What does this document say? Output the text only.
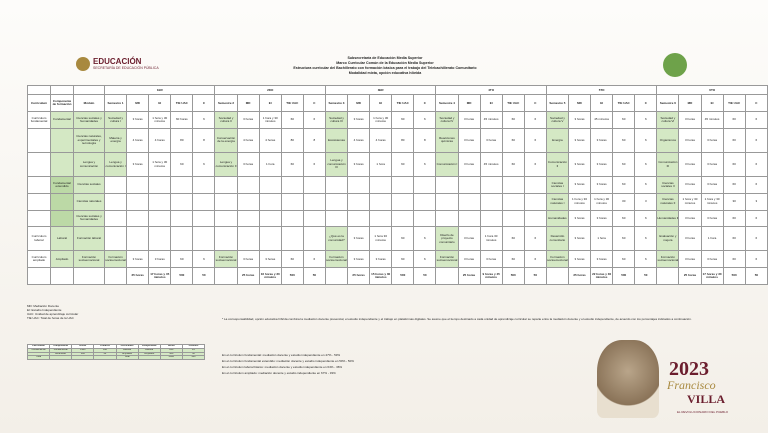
EDUCACIÓN
SECRETARÍA DE EDUCACIÓN PÚBLICA
Subsecretaría de Educación Media Superior
Marco Curricular Común de la Educación Media Superior
Estructura curricular del Bachillerato con formación básica para el trabajo del Telebachillerato Comunitario
Modalidad mixta, opción educativa híbrida
			1ER					2DO					3ER					4TO					5TO					6TO				
Currículum	Componente de formación	Módulo	Semestre 1	MD	EI	TIE UAC	C	Semestre 2	MD	EI	TIE UAC	C	Semestre 3	MD	EI	TIE UAC	C	Semestre 4	MD	EI	TIE UAC	C	Semestre 5	MD	EI	TIE UAC	C	Semestre 6	MD	EI	TIE UAC	C
Currículum fundamental	Fundamental	Ciencias sociales y humanidades	Sociedad y cultura I	3 horas	1 hora y 30 minutos	60 horas	6	Sociedad y cultura II	3 horas	1 hora y 30 minutos	60	6	Sociedad y cultura III	3 horas	1 hora y 30 minutos	60	6	Sociedad y cultura IV	3 horas	45 minutos	60	6	Sociedad y cultura V	3 horas	45 minutos	60	6	Sociedad y cultura VI	3 horas	45 minutos	60	6
		Ciencias naturales, experimentales y tecnología	Materia y energía	4 horas	4 horas	80	8	Conservación de la energía	4 horas	4 horas	80	8	Ecosistemas	4 horas	4 horas	80	8	Reacciones químicas	3 horas	3 horas	60	6	Energía	3 horas	3 horas	60	6	Organismos	3 horas	3 horas	60	6
		Lengua y comunicación	Lengua y comunicación I	3 horas	1 hora y 30 minutos	60	6	Lengua y comunicación II	3 horas	1 hora	60	6	Lengua y comunicación III	3 horas	1 hora	60	6	Comunicación I	3 horas	45 minutos	60	6	Comunicación II	3 horas	3 horas	60	6	Comunicación III	3 horas	3 horas	60	6
	Fundamental extendido	Ciencias sociales																					Ciencias sociales I	3 horas	3 horas	60	6	Ciencias sociales II	3 horas	3 horas	60	6
		Ciencias naturales																					Ciencias naturales I	1 hora y 30 minutos	1 hora y 30 minutos	30	3	Ciencias naturales II	1 hora y 30 minutos	1 hora y 30 minutos	30	3
		Ciencias sociales y humanidades																					Humanidades	3 horas	3 horas	60	6	Humanidades II	3 horas	3 horas	60	6
Currículum laboral	Laboral	Formación laboral											¿Qué es la comunidad?	3 horas	1 hora 30 minutos	60	6	Diseño de proyecto comunitario	3 horas	1 hora 30 minutos	60	6	Desarrollo comunitario	3 horas	1 hora	60	6	Evaluación y mejora	3 horas	1 hora	60	6
Currículum ampliado	Ampliado	Formación socioemocional	Formación socioemocional	3 horas	3 horas	60	6	Formación socioemocional	3 horas	3 horas	60	6	Formación socioemocional	3 horas	3 horas	60	6	Formación socioemocional	3 horas	3 horas	60	6	Formación socioemocional	3 horas	3 horas	60	6	Formación socioemocional	3 horas	3 horas	60	6
				25 horas	17 horas y 45 minutos	500	50		25 horas	16 horas y 30 minutos	500	50		25 horas	15 horas y 30 minutos	500	50		25 horas	9 horas y 45 minutos	500	50		25 horas	22 horas y 30 minutos	500	50		25 horas	17 horas y 30 minutos	500	50
MD: Mediación Docente
EI: Estudio Independiente
UAC: Unidad de aprendizaje curricular
TIE UAC: Total de horas de la UAC	* La corresponsabilidad, opción educativa híbrida combina la mediación docente presencial, el estudio independiente y el trabajo en plataformas digitales. Se asume que el tiempo destinado a cada unidad de aprendizaje curricular se reparte entre la mediación docente y el estudio independiente, de acuerdo con los porcentajes indicados a continuación.
En el currículum fundamental: mediación docente y estudio independiente en 47% - 53%
En el currículum fundamental extendido: mediación docente y estudio independiente en 50% - 50%
En el currículum laboral básico: mediación docente y estudio independiente en 64% - 36%
En el currículum ampliado: mediación docente y estudio independiente en 67% - 33%
Currículum	Componente	Horas	Créditos	Currículum	Componente	Horas	Créditos
Fundamental	Fundamental	1980	198	Laboral	Laboral	240	24
	Extendido	300	30	Ampliado	Ampliado	360	36
Total				Total		3000	300
2023
Francisco
VILLA
EL REVOLUCIONARIO DEL PUEBLO
